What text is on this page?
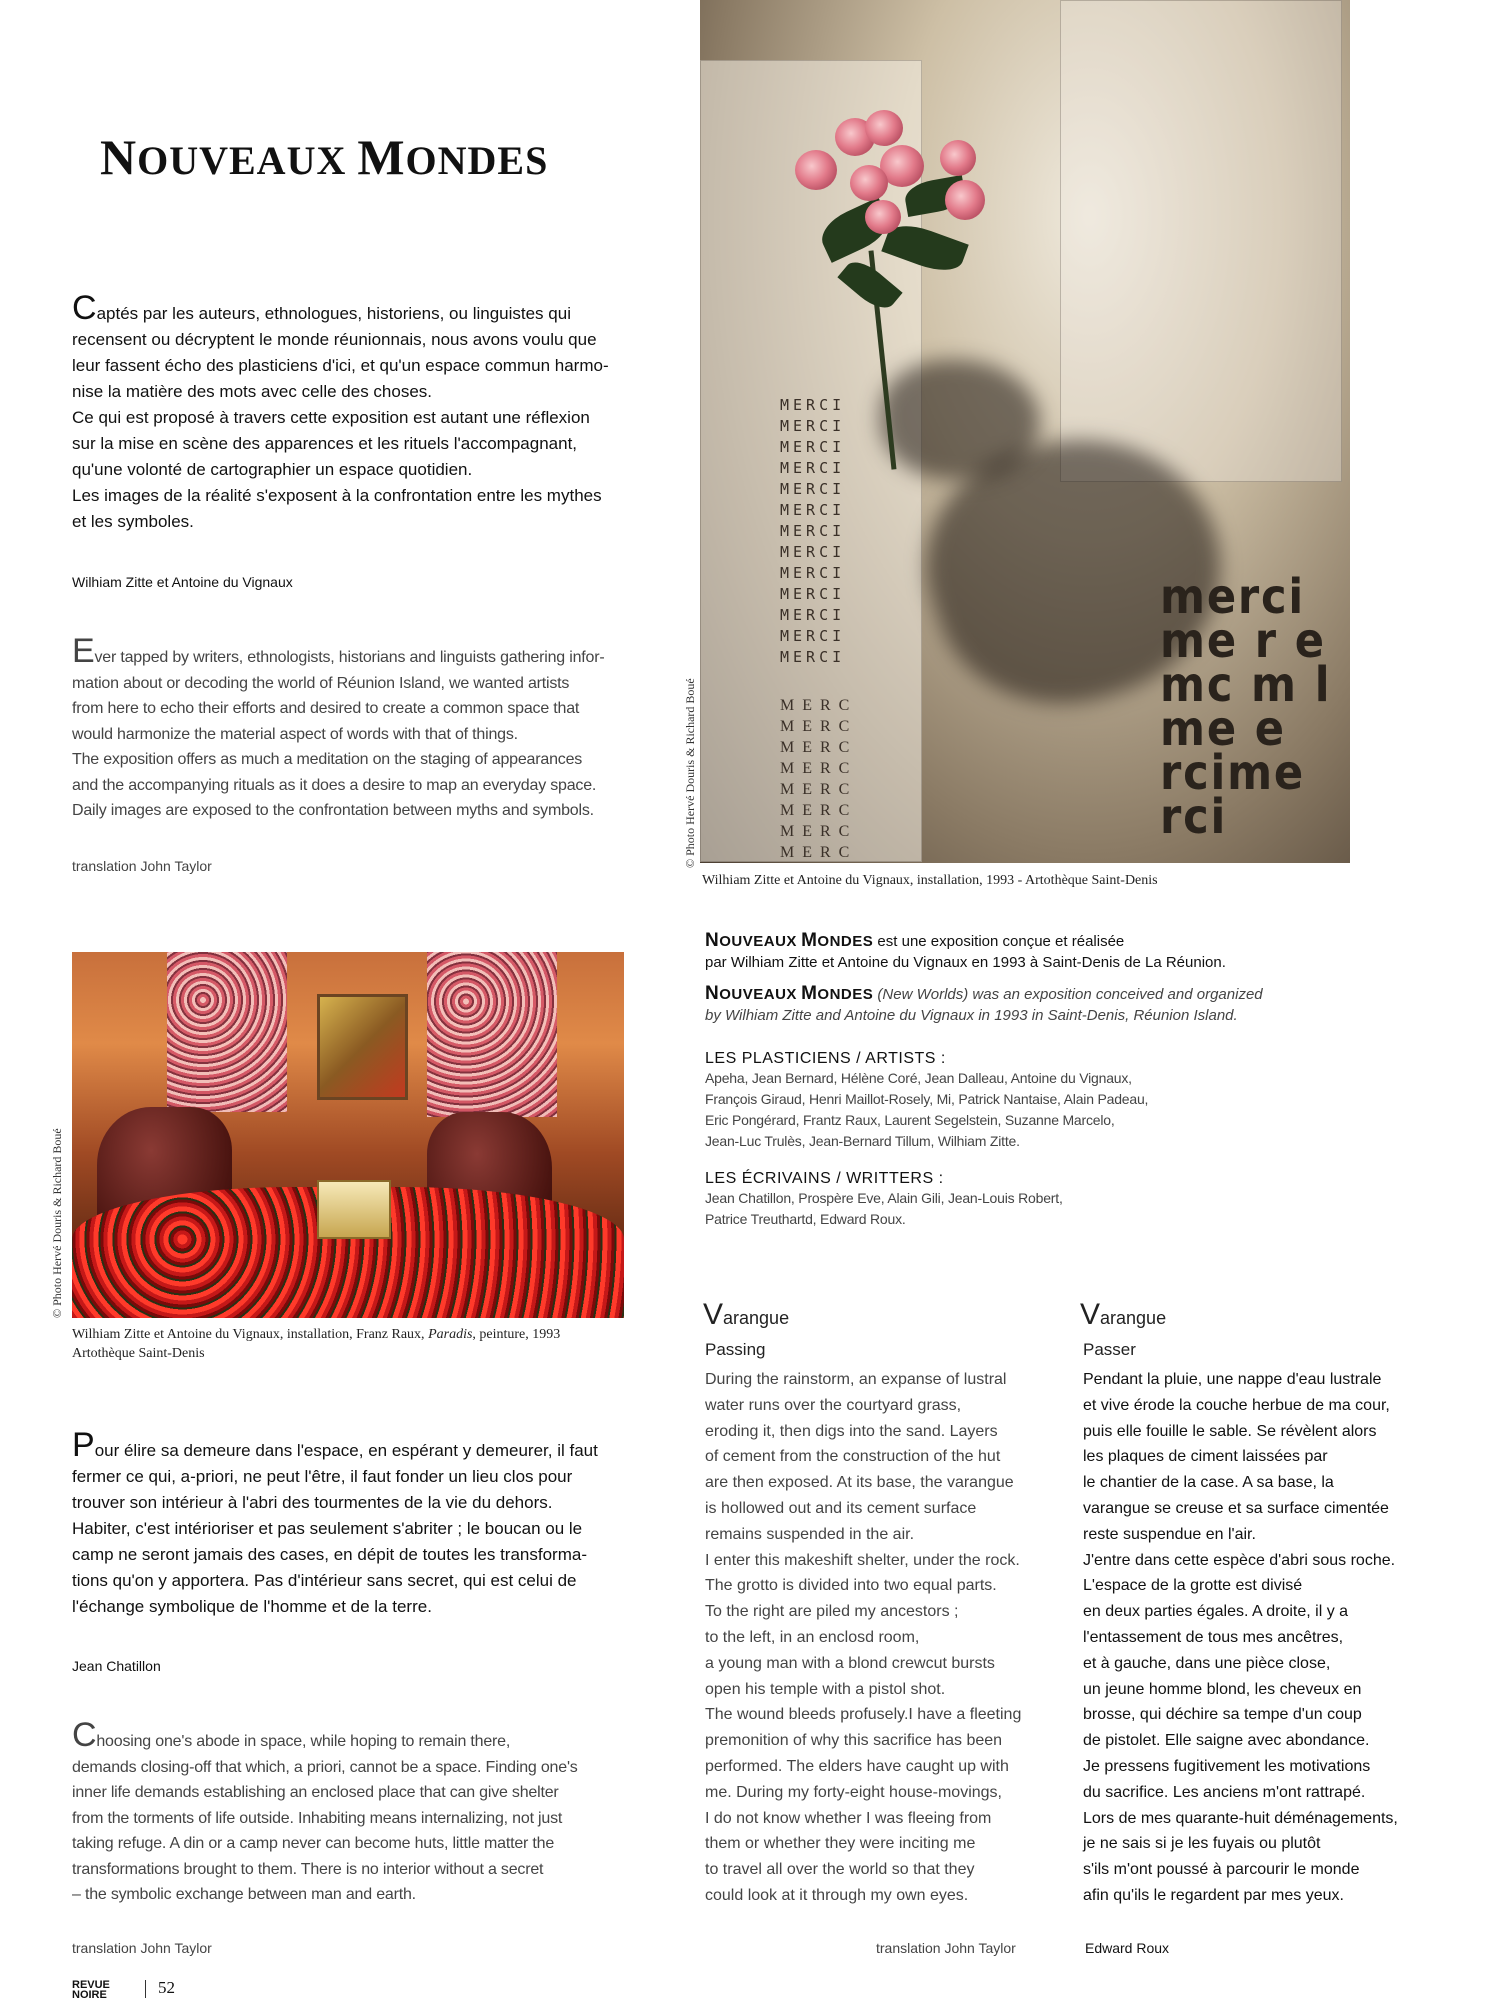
NOUVEAUX MONDES
Captés par les auteurs, ethnologues, historiens, ou linguistes qui
recensent ou décryptent le monde réunionnais, nous avons voulu que
leur fassent écho des plasticiens d'ici, et qu'un espace commun harmo-
nise la matière des mots avec celle des choses.
Ce qui est proposé à travers cette exposition est autant une réflexion
sur la mise en scène des apparences et les rituels l'accompagnant,
qu'une volonté de cartographier un espace quotidien.
Les images de la réalité s'exposent à la confrontation entre les mythes
et les symboles.
Wilhiam Zitte et Antoine du Vignaux
Ever tapped by writers, ethnologists, historians and linguists gathering infor-
mation about or decoding the world of Réunion Island, we wanted artists
from here to echo their efforts and desired to create a common space that
would harmonize the material aspect of words with that of things.
The exposition offers as much a meditation on the staging of appearances
and the accompanying rituals as it does a desire to map an everyday space.
Daily images are exposed to the confrontation between myths and symbols.
translation John Taylor
MERCI
MERCI
MERCI
MERCI
MERCI
MERCI
MERCI
MERCI
MERCI
MERCI
MERCI
MERCI
MERCI
MERC
MERC
MERC
MERC
MERC
MERC
MERC
MERC
merci
me r e
mc m l
me e
rcime
rci
© Photo Hervé Douris & Richard Boué
Wilhiam Zitte et Antoine du Vignaux, installation, 1993 - Artothèque Saint-Denis
NOUVEAUX MONDES est une exposition conçue et réalisée
par Wilhiam Zitte et Antoine du Vignaux en 1993 à Saint-Denis de La Réunion.
NOUVEAUX MONDES (New Worlds) was an exposition conceived and organized
by Wilhiam Zitte and Antoine du Vignaux in 1993 in Saint-Denis, Réunion Island.
LES PLASTICIENS / ARTISTS :
Apeha, Jean Bernard, Hélène Coré, Jean Dalleau, Antoine du Vignaux,
François Giraud, Henri Maillot-Rosely, Mi, Patrick Nantaise, Alain Padeau,
Eric Pongérard, Frantz Raux, Laurent Segelstein, Suzanne Marcelo,
Jean-Luc Trulès, Jean-Bernard Tillum, Wilhiam Zitte.
LES ÉCRIVAINS / WRITTERS :
Jean Chatillon, Prospère Eve, Alain Gili, Jean-Louis Robert,
Patrice Treuthartd, Edward Roux.
© Photo Hervé Douris & Richard Boué
Wilhiam Zitte et Antoine du Vignaux, installation, Franz Raux, Paradis, peinture, 1993
Artothèque Saint-Denis
Pour élire sa demeure dans l'espace, en espérant y demeurer, il faut
fermer ce qui, a-priori, ne peut l'être, il faut fonder un lieu clos pour
trouver son intérieur à l'abri des tourmentes de la vie du dehors.
Habiter, c'est intérioriser et pas seulement s'abriter ; le boucan ou le
camp ne seront jamais des cases, en dépit de toutes les transforma-
tions qu'on y apportera. Pas d'intérieur sans secret, qui est celui de
l'échange symbolique de l'homme et de la terre.
Jean Chatillon
Choosing one's abode in space, while hoping to remain there,
demands closing-off that which, a priori, cannot be a space. Finding one's
inner life demands establishing an enclosed place that can give shelter
from the torments of life outside. Inhabiting means internalizing, not just
taking refuge. A din or a camp never can become huts, little matter the
transformations brought to them. There is no interior without a secret
– the symbolic exchange between man and earth.
translation John Taylor
Varangue
Passing
During the rainstorm, an expanse of lustral
water runs over the courtyard grass,
eroding it, then digs into the sand. Layers
of cement from the construction of the hut
are then exposed. At its base, the varangue
is hollowed out and its cement surface
remains suspended in the air.
I enter this makeshift shelter, under the rock.
The grotto is divided into two equal parts.
To the right are piled my ancestors ;
to the left, in an enclosd room,
a young man with a blond crewcut bursts
open his temple with a pistol shot.
The wound bleeds profusely.I have a fleeting
premonition of why this sacrifice has been
performed. The elders have caught up with
me. During my forty-eight house-movings,
I do not know whether I was fleeing from
them or whether they were inciting me
to travel all over the world so that they
could look at it through my own eyes.
translation John Taylor
Varangue
Passer
Pendant la pluie, une nappe d'eau lustrale
et vive érode la couche herbue de ma cour,
puis elle fouille le sable. Se révèlent alors
les plaques de ciment laissées par
le chantier de la case. A sa base, la
varangue se creuse et sa surface cimentée
reste suspendue en l'air.
J'entre dans cette espèce d'abri sous roche.
L'espace de la grotte est divisé
en deux parties égales. A droite, il y a
l'entassement de tous mes ancêtres,
et à gauche, dans une pièce close,
un jeune homme blond, les cheveux en
brosse, qui déchire sa tempe d'un coup
de pistolet. Elle saigne avec abondance.
Je pressens fugitivement les motivations
du sacrifice. Les anciens m'ont rattrapé.
Lors de mes quarante-huit déménagements,
je ne sais si je les fuyais ou plutôt
s'ils m'ont poussé à parcourir le monde
afin qu'ils le regardent par mes yeux.
Edward Roux
REVUE
NOIRE	52
